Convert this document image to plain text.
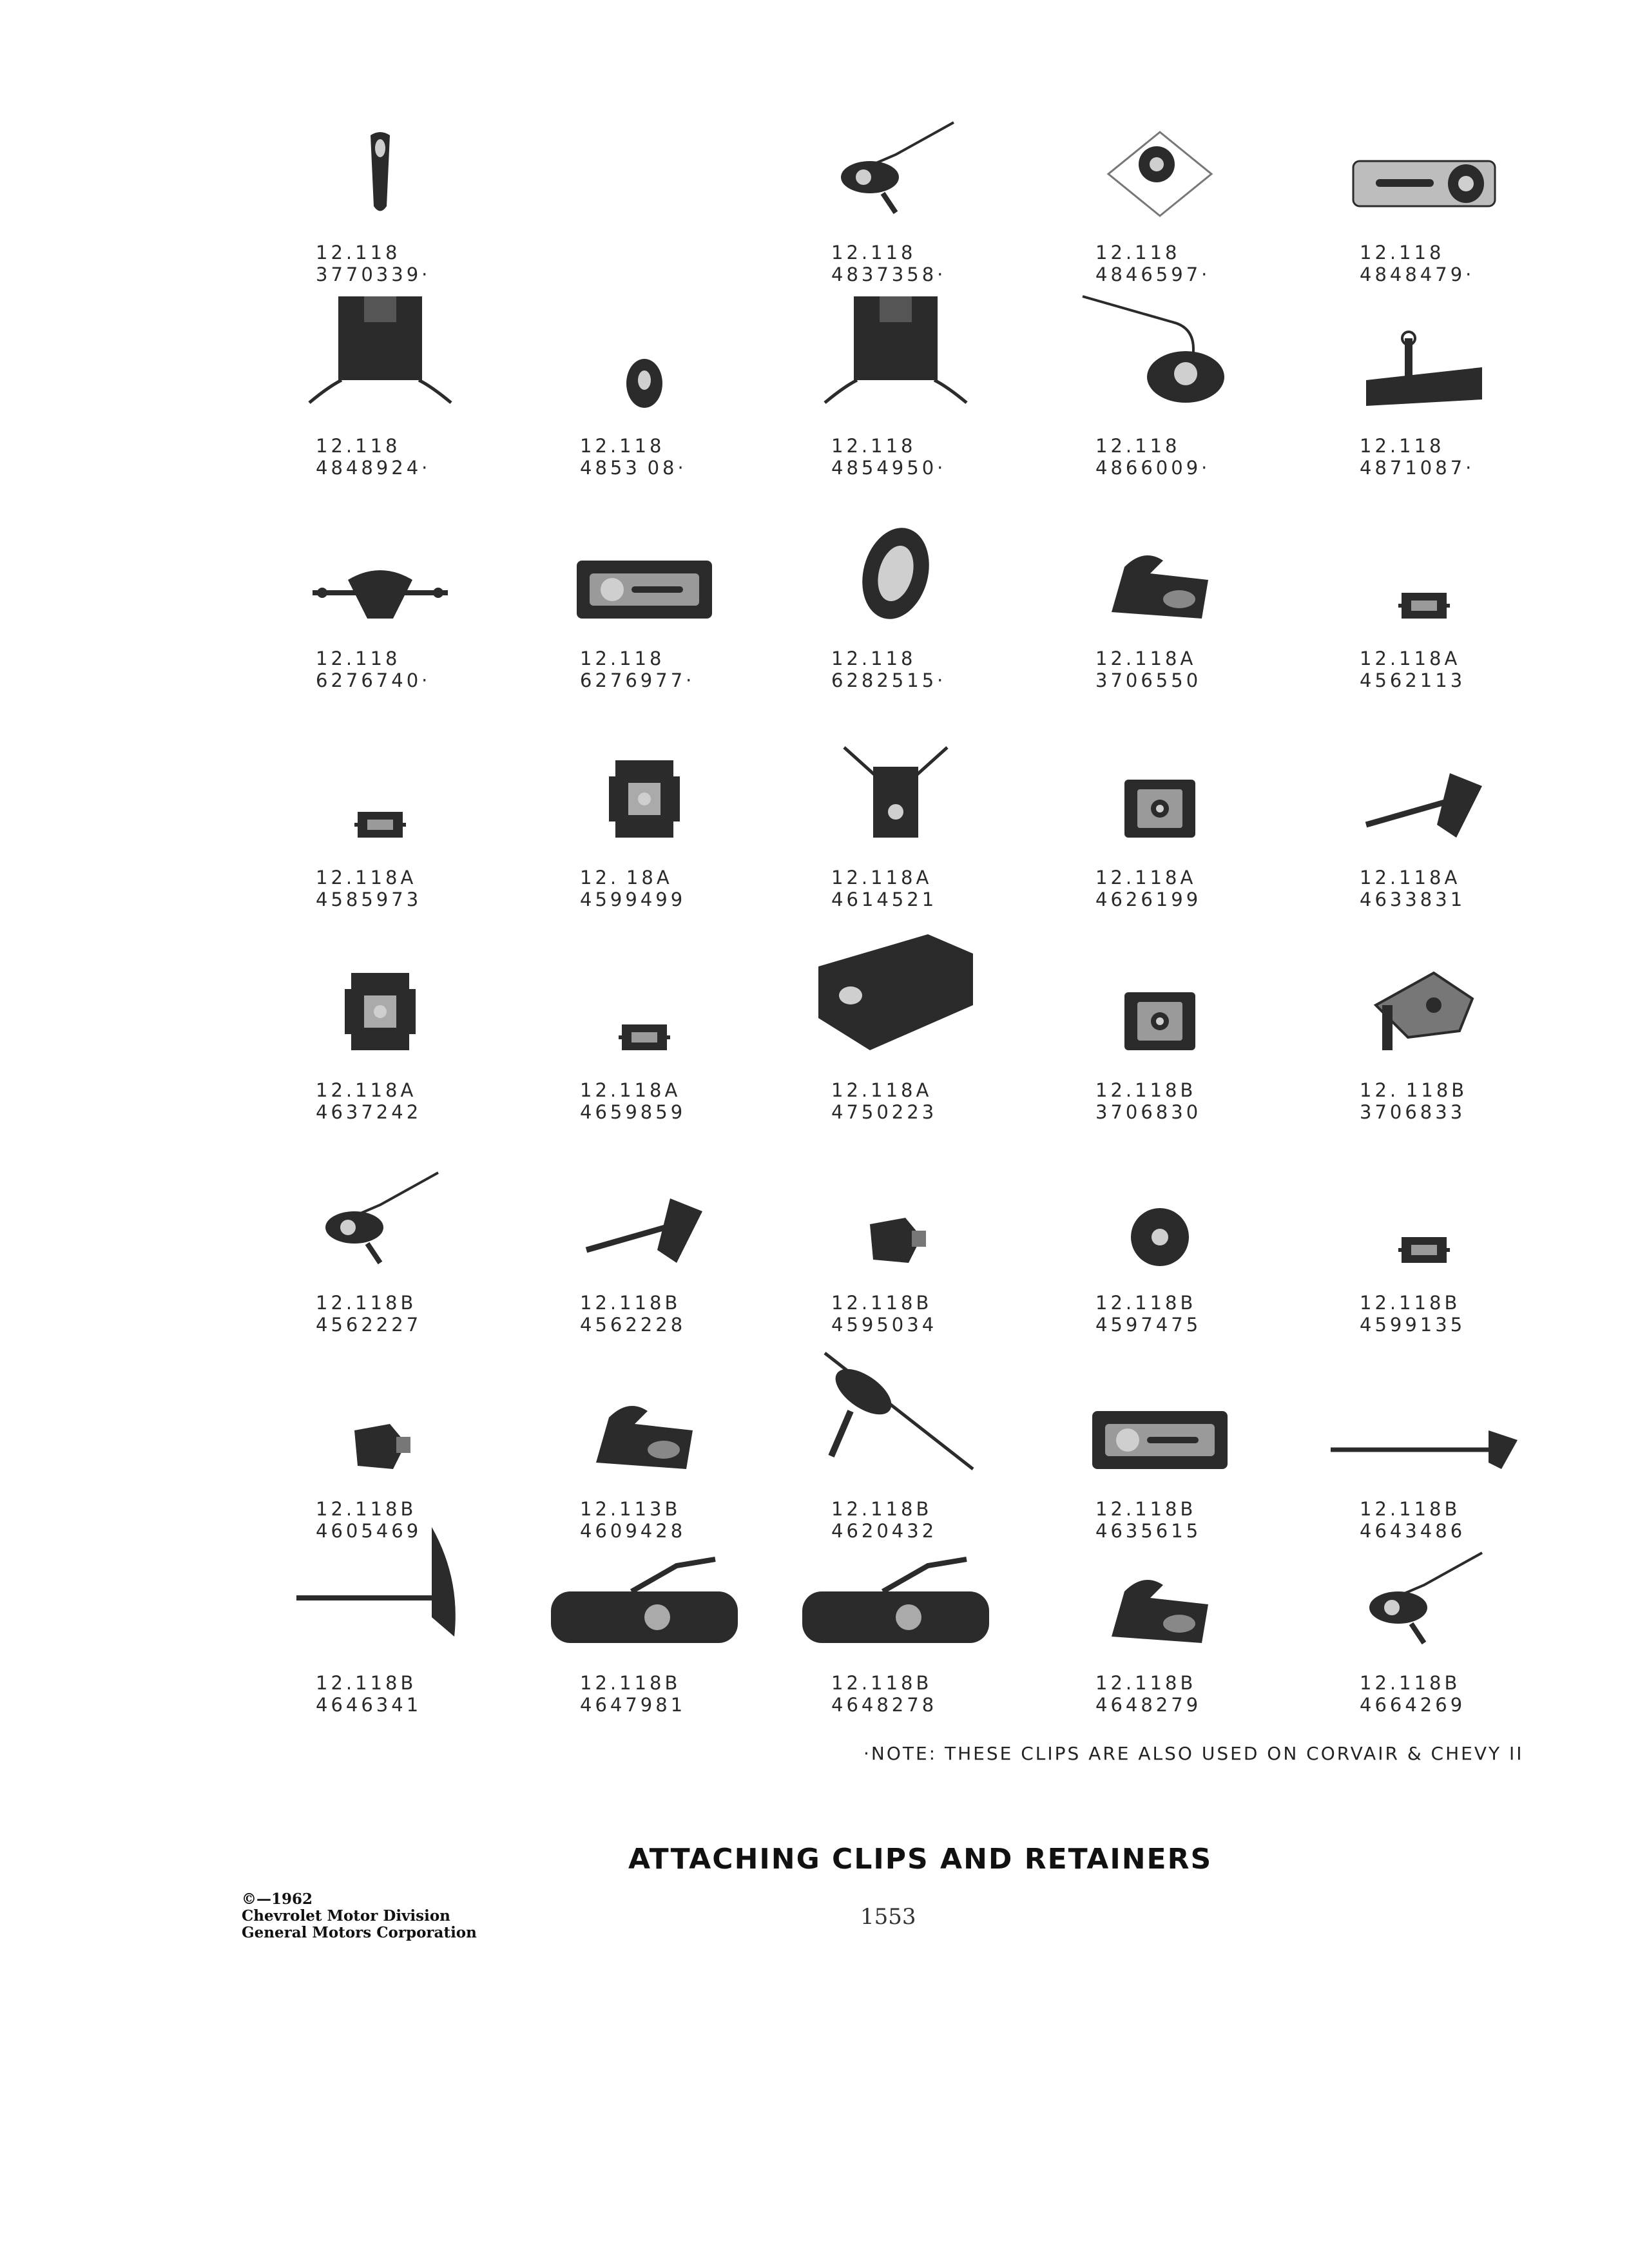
12.118
3770339·
12.118
4837358·
12.118
4846597·
12.118
4848479·
12.118
4848924·
12.118
4853 08·
12.118
4854950·
12.118
4866009·
12.118
4871087·
12.118
6276740·
12.118
6276977·
12.118
6282515·
12.118A
3706550
12.118A
4562113
12.118A
4585973
12. 18A
4599499
12.118A
4614521
12.118A
4626199
12.118A
4633831
12.118A
4637242
12.118A
4659859
12.118A
4750223
12.118B
3706830
12. 118B
3706833
12.118B
4562227
12.118B
4562228
12.118B
4595034
12.118B
4597475
12.118B
4599135
12.118B
4605469
12.113B
4609428
12.118B
4620432
12.118B
4635615
12.118B
4643486
12.118B
4646341
12.118B
4647981
12.118B
4648278
12.118B
4648279
12.118B
4664269
·NOTE: THESE CLIPS ARE ALSO USED ON CORVAIR & CHEVY II
ATTACHING CLIPS AND RETAINERS
©—1962
Chevrolet Motor Division
General Motors Corporation
1553
